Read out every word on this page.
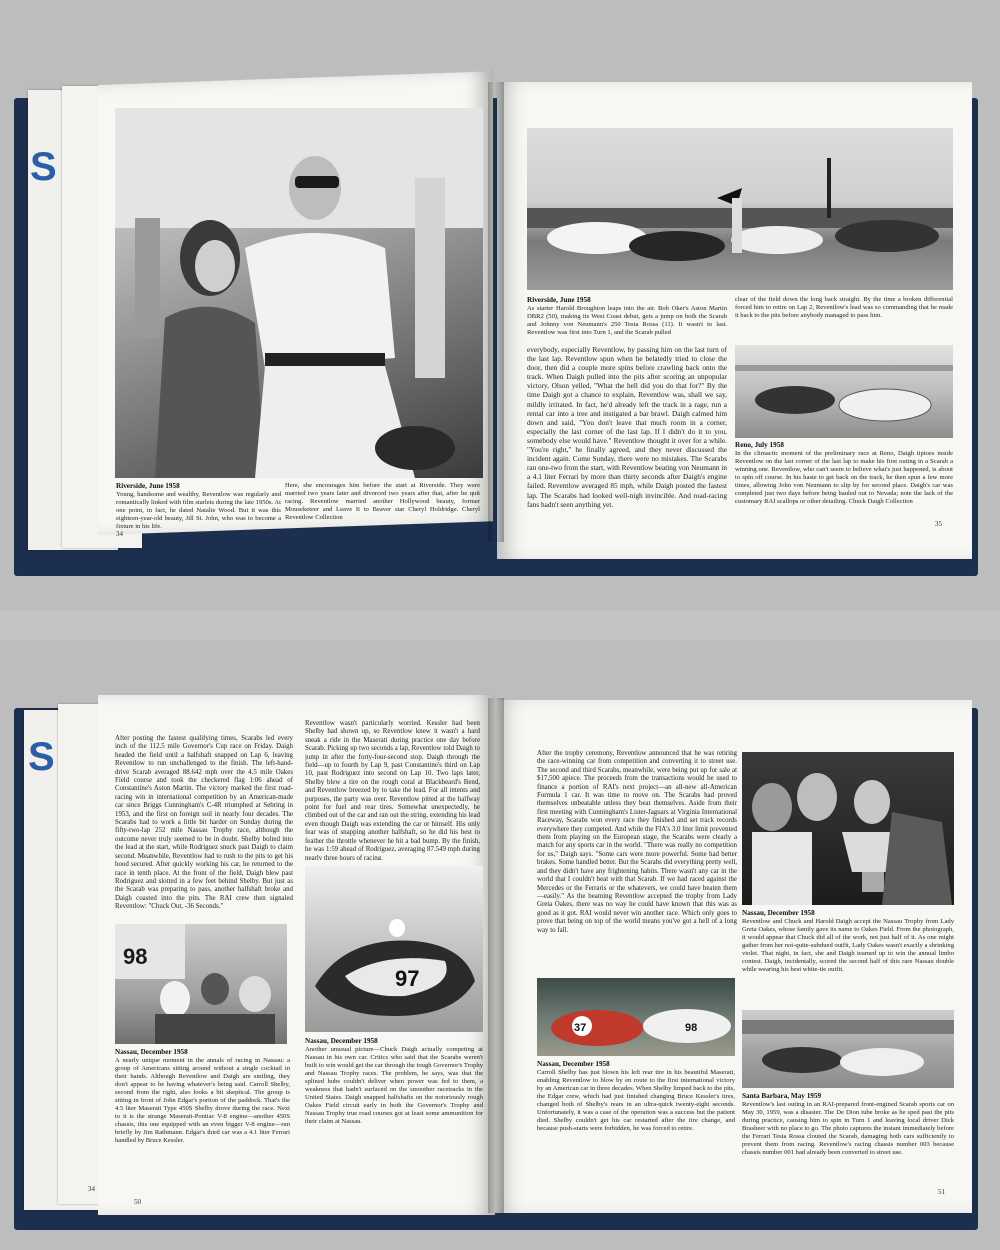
S
Riverside, June 1958
Young, handsome and wealthy, Reventlow was regularly and romantically linked with film starlets during the late 1950s. At one point, in fact, he dated Natalie Wood. But it was this eighteen-year-old beauty, Jill St. John, who was to become a fixture in his life.
Here, she encourages him before the start at Riverside. They were married two years later and divorced two years after that, after he quit racing. Reventlow married another Hollywood beauty, former Mouseketeer and Leave It to Beaver star Cheryl Holdridge. Cheryl Reventlow Collection
34
Riverside, June 1958
As starter Harold Broughton leaps into the air. Bob Oker's Aston Martin DBR2 (50), making its West Coast debut, gets a jump on both the Scarab and Johnny von Neumann's 250 Testa Rossa (11). It wasn't to last. Reventlow was first into Turn 1, and the Scarab pulled
clear of the field down the long back straight. By the time a broken differential forced him to retire on Lap 2, Reventlow's lead was so commanding that he made it back to the pits before anybody managed to pass him.
everybody, especially Reventlow, by passing him on the last turn of the last lap. Reventlow spun when he belatedly tried to close the door, then did a couple more spins before crawling back onto the track. When Daigh pulled into the pits after scoring an unpopular victory, Olson yelled, "What the hell did you do that for?" By the time Daigh got a chance to explain, Reventlow was, shall we say, mildly irritated. In fact, he'd already left the track in a rage, run a rental car into a tree and instigated a bar brawl. Daigh calmed him down and said, "You don't leave that much room in a corner, especially the last corner of the last lap. If I didn't do it to you, somebody else would have." Reventlow thought it over for a while. "You're right," he finally agreed, and they never discussed the incident again. Come Sunday, there were no mistakes. The Scarabs ran one-two from the start, with Reventlow beating von Neumann in a 4.1 liter Ferrari by more than thirty seconds after Daigh's engine failed. Reventlow averaged 85 mph, while Daigh posted the fastest lap. The Scarabs had looked well-nigh invincible. And road-racing fans hadn't seen anything yet.
Reno, July 1958
In the climactic moment of the preliminary race at Reno, Daigh tiptoes inside Reventlow on the last corner of the last lap to make his first outing in a Scarab a winning one. Reventlow, who can't seem to believe what's just happened, is about to spin off course. In his haste to get back on the track, he then spun a few more times, allowing John von Neumann to slip by for second place. Daigh's car was completed just two days before being hauled out to Nevada; note the lack of the customary RAI scallops or other detailing. Chuck Daigh Collection
35
S
34
After posting the fastest qualifying times, Scarabs led every inch of the 112.5 mile Governor's Cup race on Friday. Daigh headed the field until a halfshaft snapped on Lap 6, leaving Reventlow to run unchallenged to the finish. The left-hand-drive Scarab averaged 88.642 mph over the 4.5 mile Oakes Field course and took the checkered flag 1:06 ahead of Constantine's Aston Martin. The victory marked the first road-racing win in international competition by an American-made car since Briggs Cunningham's C-4R triumphed at Sebring in 1953, and the first on foreign soil in nearly four decades. The Scarabs had to work a little bit harder on Sunday during the fifty-two-lap 252 mile Nassau Trophy race, although the outcome never truly seemed to be in doubt. Shelby bolted into the lead at the start, while Rodriguez snuck past Daigh to claim second. Meanwhile, Reventlow had to rush to the pits to get his hood secured. After quickly working his car, he returned to the race in tenth place. At the front of the field, Daigh blew past Rodriguez and slotted in a few feet behind Shelby. But just as the Scarab was preparing to pass, another halfshaft broke and Daigh coasted into the pits. The RAI crew then signaled Reventlow: "Chuck Out, -36 Seconds."
Reventlow wasn't particularly worried. Kessler had been Shelby had shown up, so Reventlow knew it wasn't a hard sneak a ride in the Maserati during practice one day before Scarab. Picking up two seconds a lap, Reventlow told Daigh to jump in after the forty-four-second stop. Daigh through the field—up to fourth by Lap 9, past Constantine's third on Lap 10, past Rodriguez into second on Lap 10. Two laps later, Shelby blew a tire on the rough coral at Blackbeard's Bend, and Reventlow breezed by to take the lead. For all intents and purposes, the party was over. Reventlow pitted at the halfway point for fuel and rear tires. Somewhat unexpectedly, he climbed out of the car and ran out the string, extending his lead even though Daigh was extending the car or himself. His only fear was of snapping another halfshaft, so he did his best to feather the throttle whenever he hit a bad bump. By the finish, he was 1:59 ahead of Rodriguez, averaging 87.549 mph during nearly three hours of racing.
98
Nassau, December 1958
A nearly unique moment in the annals of racing in Nassau: a group of Americans sitting around without a single cocktail in their hands. Although Reventlow and Daigh are smiling, they don't appear to be having whatever's being said. Carroll Shelby, second from the right, also looks a bit skeptical. The group is sitting in front of John Edgar's portion of the paddock. That's the 4.5 liter Maserati Type 450S Shelby drove during the race. Next to it is the strange Maserati-Pontiac V-8 engine—another 450S chassis, this one equipped with an even bigger V-8 engine—run briefly by Jim Rathmann. Edgar's third car was a 4.1 liter Ferrari handled by Bruce Kessler.
97
Nassau, December 1958
Another unusual picture—Chuck Daigh actually competing at Nassau in his own car. Critics who said that the Scarabs weren't built to win would get the car through the tough Governor's Trophy and Nassau Trophy races. The problem, he says, was that the splined hubs couldn't deliver when power was fed to them, a weakness that hadn't surfaced on the smoother racetracks in the United States. Daigh snapped halfshafts on the notoriously rough Oakes Field circuit early in both the Governor's Trophy and Nassau Trophy true road courses got at least some ammunition for their claim at Nassau.
50
After the trophy ceremony, Reventlow announced that he was retiring the race-winning car from competition and converting it to street use. The second and third Scarabs, meanwhile, were being put up for sale at $17,500 apiece. The proceeds from the transactions would be used to finance a portion of RAI's next project—an all-new all-American Formula 1 car. It was time to move on. The Scarabs had proved themselves unbeatable unless they beat themselves. Aside from their first meeting with Cunningham's Lister-Jaguars at Virginia International Raceway, Scarabs won every race they finished and set track records everywhere they competed. And while the FIA's 3.0 liter limit prevented them from playing on the European stage, the Scarabs were clearly a match for any sports car in the world. "There was really no competition for us," Daigh says. "Some cars were more powerful. Some had better brakes. Some handled better. But the Scarabs did everything pretty well, and they didn't have any frightening habits. There wasn't any car in the world that I couldn't beat with that Scarab. If we had raced against the Mercedes or the Ferraris or the whatevers, we could have beaten them—easily." As the beaming Reventlow accepted the trophy from Lady Greta Oakes, there was no way he could have known that this was as good as it got. RAI would never win another race. Which only goes to prove that being on top of the world means you've got a hell of a long way to fall.
Nassau, December 1958
Reventlow and Chuck and Harold Daigh accept the Nassau Trophy from Lady Greta Oakes, whose family gave its name to Oakes Field. From the photograph, it would appear that Chuck did all of the work, not just half of it. As one might gather from her not-quite-subdued outfit, Lady Oakes wasn't exactly a shrinking violet. That night, in fact, she and Daigh teamed up to win the annual limbo contest. Daigh, incidentally, scored the second half of this rare Nassau double while wearing his best white-tie outfit.
37	98
Nassau, December 1958
Carroll Shelby has just blown his left rear tire in his beautiful Maserati, enabling Reventlow to blow by en route to the first international victory by an American car in three decades. When Shelby limped back to the pits, the Edgar crew, which had just finished changing Bruce Kessler's tires, changed both of Shelby's rears in an ultra-quick twenty-eight seconds. Unfortunately, it was a case of the operation was a success but the patient died. Shelby couldn't get his car restarted after the tire change, and because push-starts were forbidden, he was forced to retire.
Santa Barbara, May 1959
Reventlow's last outing in an RAI-prepared front-engined Scarab sports car on May 30, 1959, was a disaster. The De Dion tube broke as he sped past the pits during practice, causing him to spin in Turn 1 and leaving local driver Dick Brasheer with no place to go. The photo captures the instant immediately before the Ferrari Testa Rossa clouted the Scarab, damaging both cars sufficiently to prevent them from racing. Reventlow's racing chassis number 003 because chassis number 001 had already been converted to street use.
51
